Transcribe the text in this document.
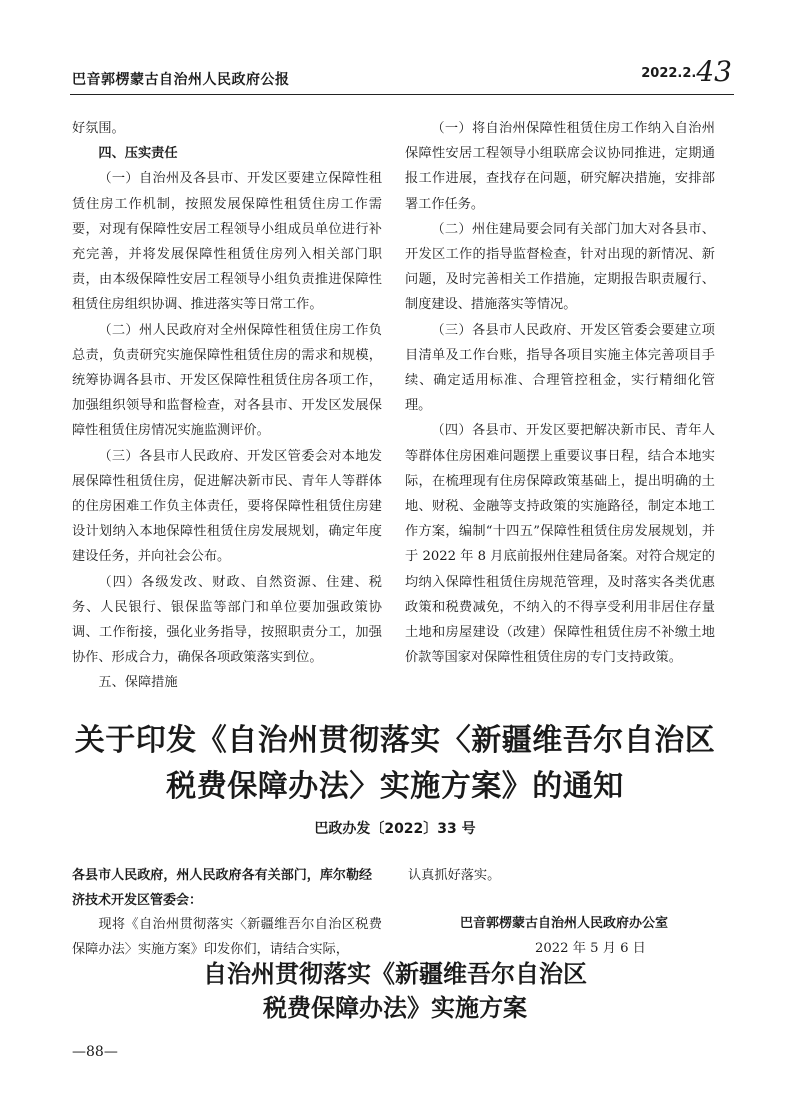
巴音郭楞蒙古自治州人民政府公报	$^{2022.2.}$43

好氛围。

四、压实责任

（一）自治州及各县市、开发区要建立保障性租赁住房工作机制，按照发展保障性租赁住房工作需要，对现有保障性安居工程领导小组成员单位进行补充完善，并将发展保障性租赁住房列入相关部门职责，由本级保障性安居工程领导小组负责推进保障性租赁住房组织协调、推进落实等日常工作。

（二）州人民政府对全州保障性租赁住房工作负总责，负责研究实施保障性租赁住房的需求和规模，统筹协调各县市、开发区保障性租赁住房各项工作，加强组织领导和监督检查，对各县市、开发区发展保障性租赁住房情况实施监测评价。

（三）各县市人民政府、开发区管委会对本地发展保障性租赁住房，促进解决新市民、青年人等群体的住房困难工作负主体责任，要将保障性租赁住房建设计划纳入本地保障性租赁住房发展规划，确定年度建设任务，并向社会公布。

（四）各级发改、财政、自然资源、住建、税务、人民银行、银保监等部门和单位要加强政策协调、工作衔接，强化业务指导，按照职责分工，加强协作、形成合力，确保各项政策落实到位。

五、保障措施

（一）将自治州保障性租赁住房工作纳入自治州保障性安居工程领导小组联席会议协同推进，定期通报工作进展，查找存在问题，研究解决措施，安排部署工作任务。

（二）州住建局要会同有关部门加大对各县市、开发区工作的指导监督检查，针对出现的新情况、新问题，及时完善相关工作措施，定期报告职责履行、制度建设、措施落实等情况。

（三）各县市人民政府、开发区管委会要建立项目清单及工作台账，指导各项目实施主体完善项目手续、确定适用标准、合理管控租金，实行精细化管理。

（四）各县市、开发区要把解决新市民、青年人等群体住房困难问题摆上重要议事日程，结合本地实际，在梳理现有住房保障政策基础上，提出明确的土地、财税、金融等支持政策的实施路径，制定本地工作方案，编制“十四五”保障性租赁住房发展规划，并于 2022 年 8 月底前报州住建局备案。对符合规定的均纳入保障性租赁住房规范管理，及时落实各类优惠政策和税费减免，不纳入的不得享受利用非居住存量土地和房屋建设（改建）保障性租赁住房不补缴土地价款等国家对保障性租赁住房的专门支持政策。

关于印发《自治州贯彻落实〈新疆维吾尔自治区
税费保障办法〉实施方案》的通知
巴政办发〔2022〕33 号
各县市人民政府，州人民政府各有关部门，库尔勒经济技术开发区管委会：
现将《自治州贯彻落实〈新疆维吾尔自治区税费保障办法〉实施方案》印发你们，请结合实际，
认真抓好落实。
巴音郭楞蒙古自治州人民政府办公室
2022 年 5 月 6 日
自治州贯彻落实《新疆维吾尔自治区
税费保障办法》实施方案
—88—
